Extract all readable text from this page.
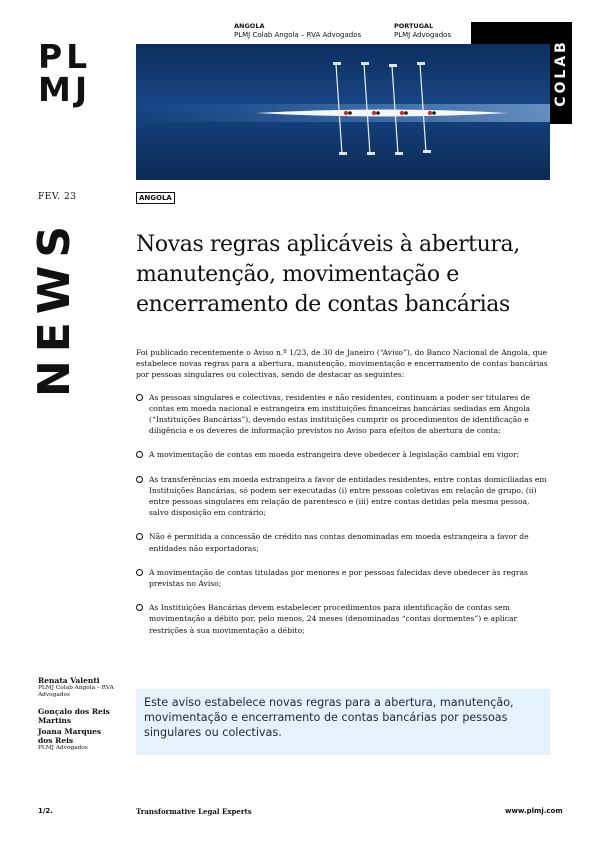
PL
MJ
ANGOLA
PLMJ Colab Angola – RVA Advogados
PORTUGAL
PLMJ Advogados
COLAB
FEV. 23	ANGOLA
NEWS	Novas regras aplicáveis à abertura, manutenção, movimentação e encerramento de contas bancárias

Foi publicado recentemente o Aviso n.º 1/23, de 30 de Janeiro (“Aviso”), do Banco Nacional de Angola, que estabelece novas regras para a abertura, manutenção, movimentação e encerramento de contas bancárias por pessoas singulares ou colectivas, sendo de destacar as seguintes:

As pessoas singulares e colectivas, residentes e não residentes, continuam a poder ser titulares de contas em moeda nacional e estrangeira em instituições financeiras bancárias sediadas em Angola (“Instituições Bancárias”), devendo estas instituições cumprir os procedimentos de identificação e diligência e os deveres de informação previstos no Aviso para efeitos de abertura de conta;
A movimentação de contas em moeda estrangeira deve obedecer à legislação cambial em vigor;
As transferências em moeda estrangeira a favor de entidades residentes, entre contas domiciliadas em Instituições Bancárias, só podem ser executadas (i) entre pessoas coletivas em relação de grupo, (ii) entre pessoas singulares em relação de parentesco e (iii) entre contas detidas pela mesma pessoa, salvo disposição em contrário;
Não é permitida a concessão de crédito nas contas denominadas em moeda estrangeira a favor de entidades não exportadoras;
A movimentação de contas tituladas por menores e por pessoas falecidas deve obedecer às regras previstas no Aviso;
As Instituições Bancárias devem estabelecer procedimentos para identificação de contas sem movimentação a débito por, pelo menos, 24 meses (denominadas “contas dormentes”) e aplicar restrições à sua movimentação a débito;
Renata Valenti
PLMJ Colab Angola – RVA Advogados
Gonçalo dos Reis Martins
Joana Marques dos Reis
PLMJ Advogados
Este aviso estabelece novas regras para a abertura, manutenção, movimentação e encerramento de contas bancárias por pessoas singulares ou colectivas.
1/2.	Transformative Legal Experts	www.plmj.com
